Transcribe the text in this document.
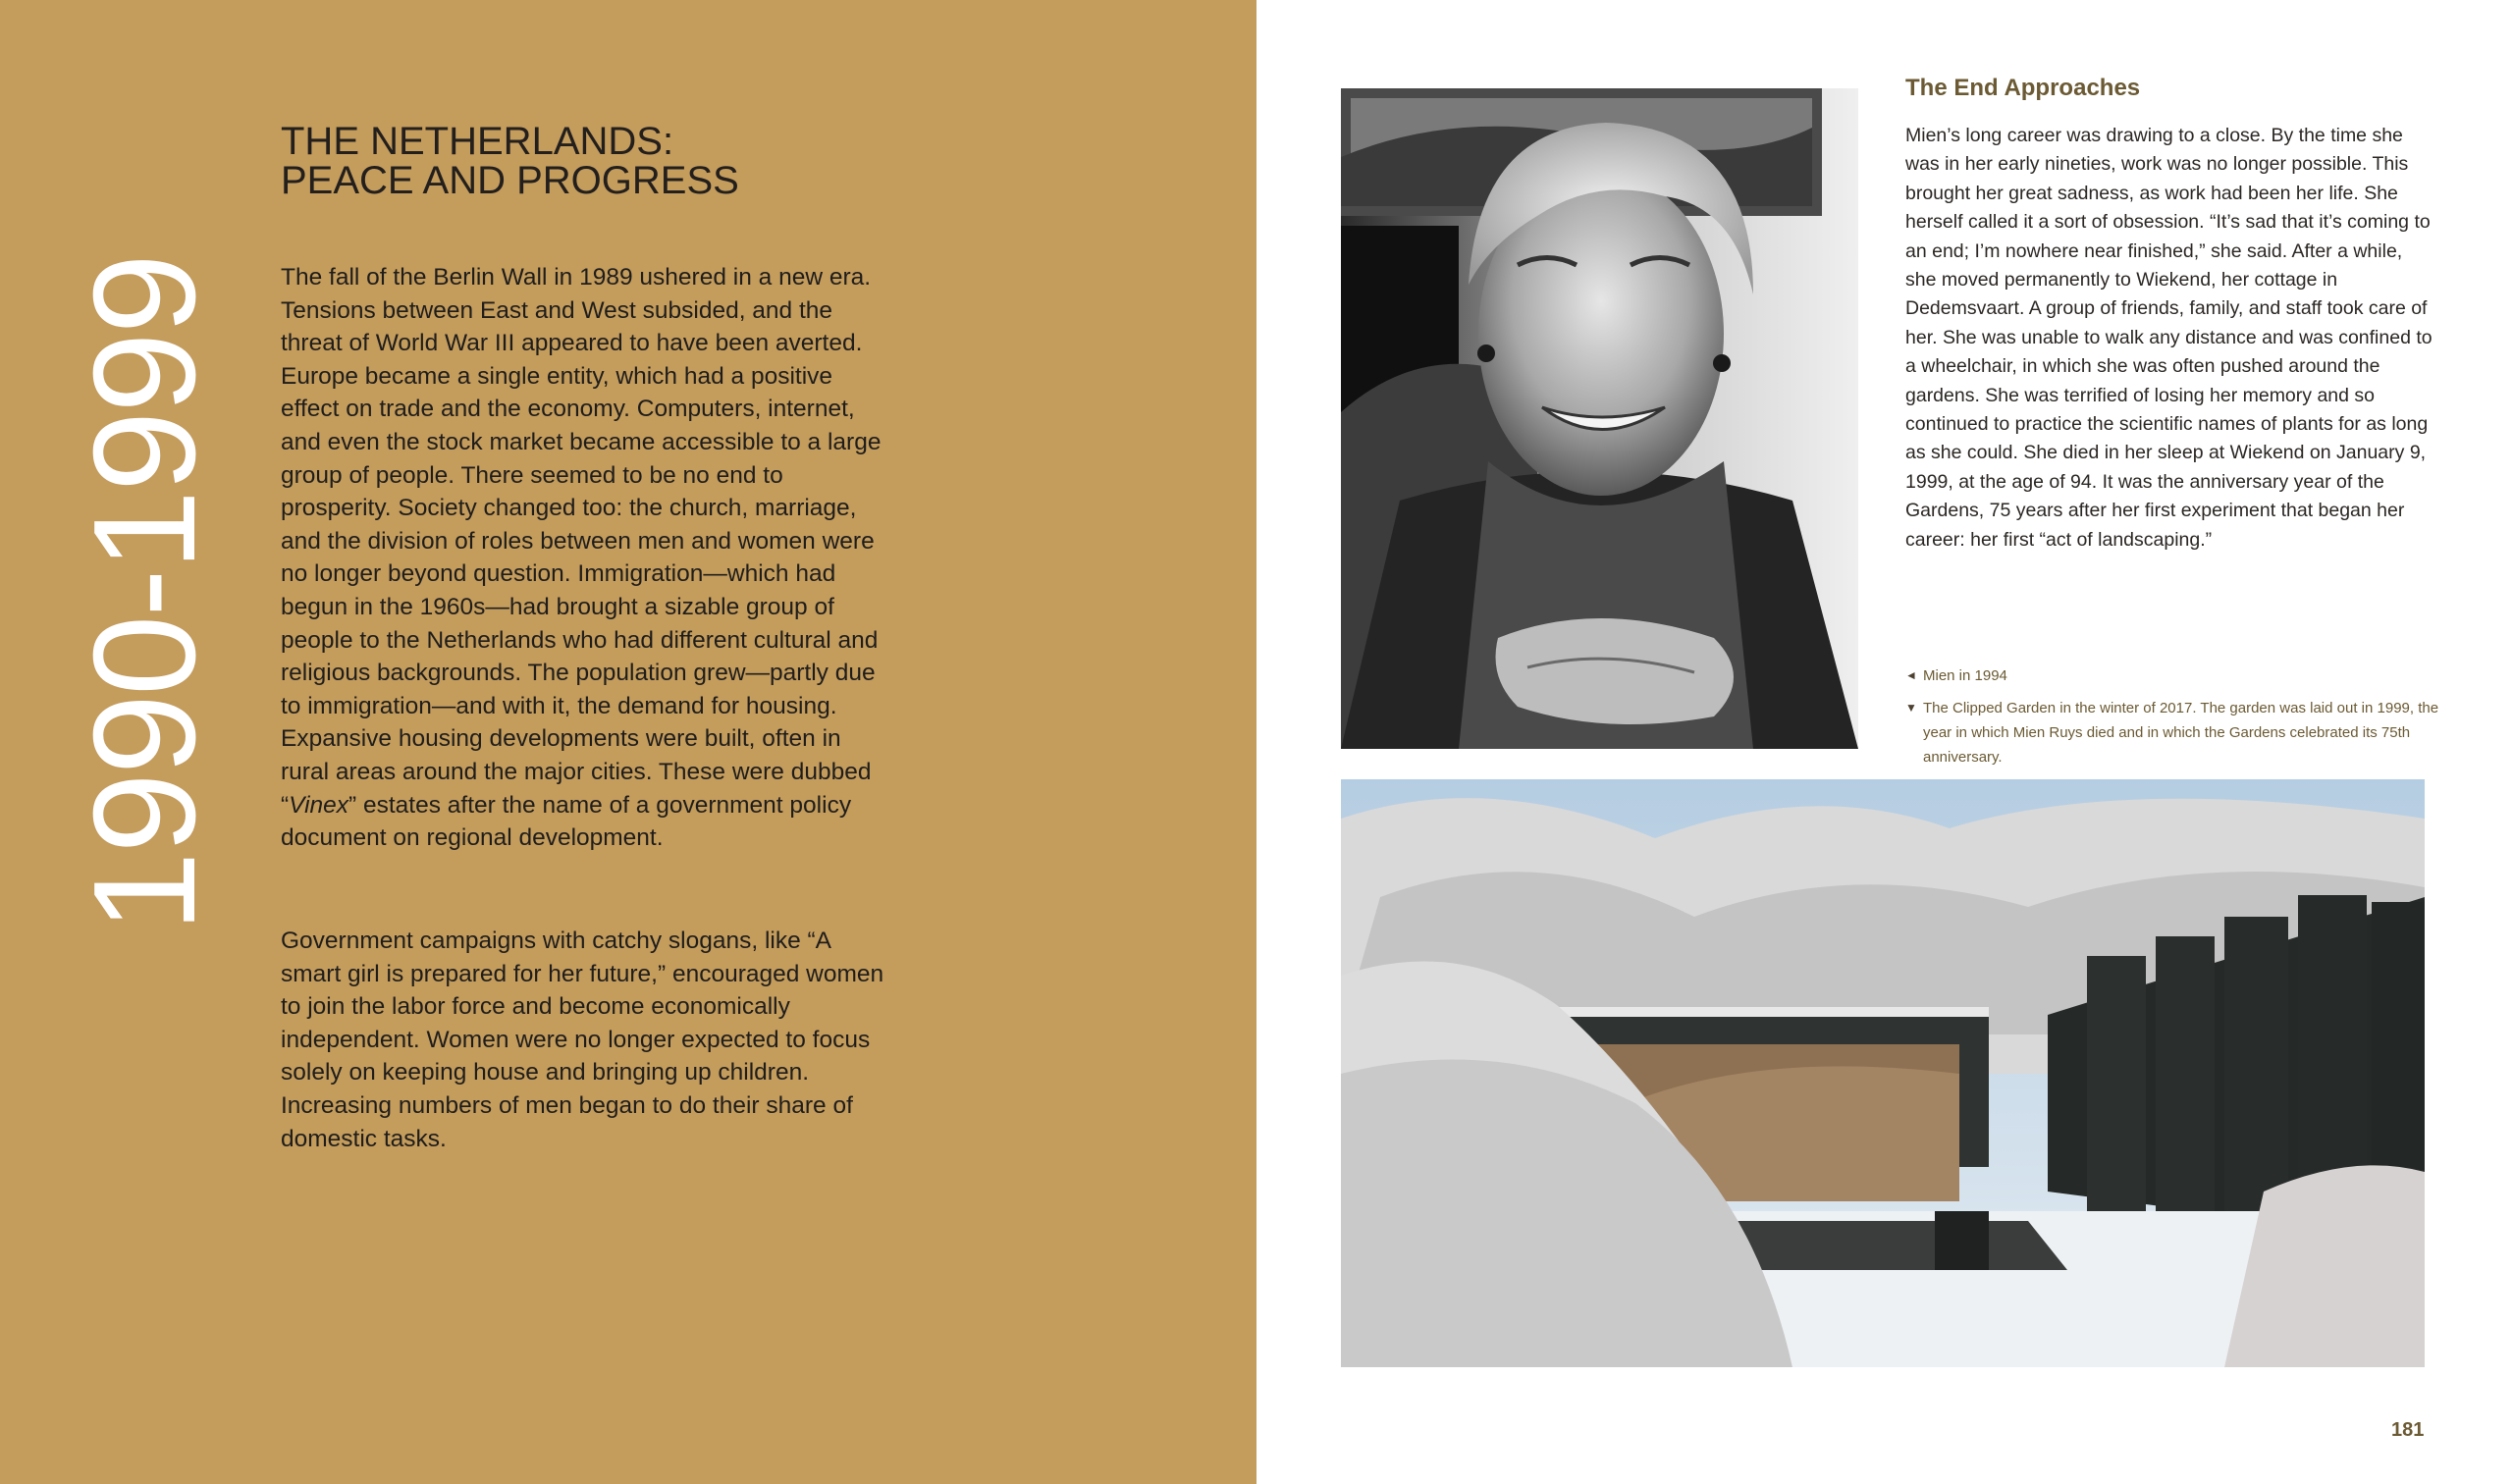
1990-1999
THE NETHERLANDS:
PEACE AND PROGRESS

The fall of the Berlin Wall in 1989 ushered in a new era. Tensions between East and West subsided, and the threat of World War III appeared to have been averted. Europe became a single entity, which had a positive effect on trade and the economy. Computers, internet, and even the stock market became accessible to a large group of people. There seemed to be no end to prosperity. Society changed too: the church, marriage, and the division of roles between men and women were no longer beyond question. Immigration—which had begun in the 1960s—had brought a sizable group of people to the Netherlands who had different cultural and religious backgrounds. The population grew—partly due to immigration—and with it, the demand for housing. Expansive housing developments were built, often in rural areas around the major cities. These were dubbed “Vinex” estates after the name of a government policy document on regional development.

Government campaigns with catchy slogans, like “A smart girl is prepared for her future,” encouraged women to join the labor force and become economically independent. Women were no longer expected to focus solely on keeping house and bringing up children. Increasing numbers of men began to do their share of domestic tasks.

The End Approaches

Mien’s long career was drawing to a close. By the time she was in her early nineties, work was no longer possible. This brought her great sadness, as work had been her life. She herself called it a sort of obsession. “It’s sad that it’s coming to an end; I’m nowhere near finished,” she said. After a while, she moved permanently to Wiekend, her cottage in Dedemsvaart. A group of friends, family, and staff took care of her. She was unable to walk any distance and was confined to a wheelchair, in which she was often pushed around the gardens. She was terrified of losing her memory and so continued to practice the scientific names of plants for as long as she could. She died in her sleep at Wiekend on January 9, 1999, at the age of 94. It was the anniversary year of the Gardens, 75 years after her first experiment that began her career: her first “act of landscaping.”

◄ Mien in 1994

▼ The Clipped Garden in the winter of 2017. The garden was laid out in 1999, the year in which Mien Ruys died and in which the Gardens celebrated its 75th anniversary.

181
